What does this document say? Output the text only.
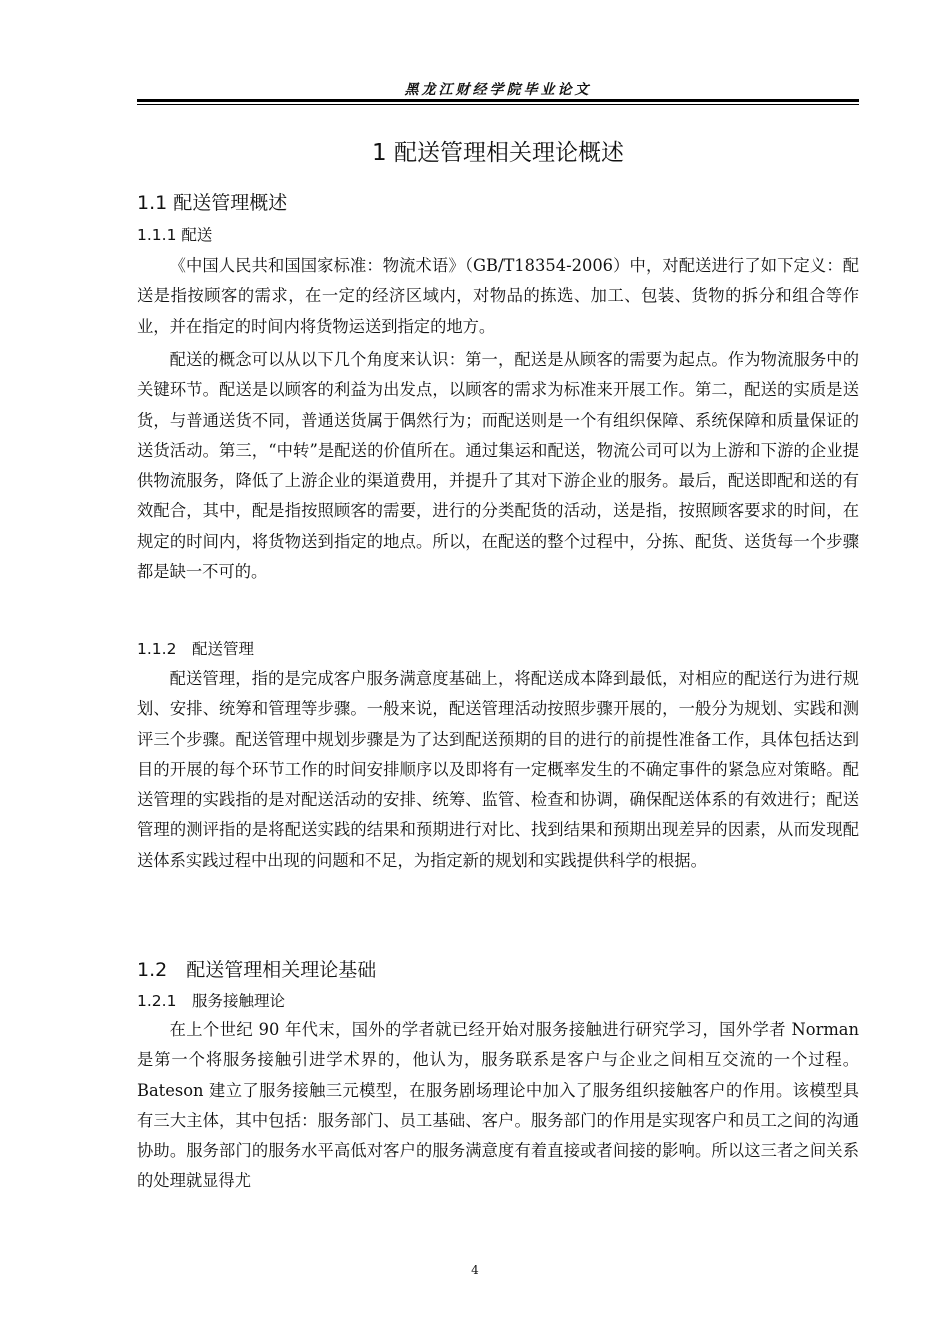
黑龙江财经学院毕业论文
1 配送管理相关理论概述
1.1 配送管理概述
1.1.1 配送

《中国人民共和国国家标准：物流术语》（GB/T18354-2006）中，对配送进行了如下定义：配送是指按顾客的需求，在一定的经济区域内，对物品的拣选、加工、包装、货物的拆分和组合等作业，并在指定的时间内将货物运送到指定的地方。

配送的概念可以从以下几个角度来认识：第一，配送是从顾客的需要为起点。作为物流服务中的关键环节。配送是以顾客的利益为出发点，以顾客的需求为标准来开展工作。第二，配送的实质是送货，与普通送货不同，普通送货属于偶然行为；而配送则是一个有组织保障、系统保障和质量保证的送货活动。第三，“中转”是配送的价值所在。通过集运和配送，物流公司可以为上游和下游的企业提供物流服务，降低了上游企业的渠道费用，并提升了其对下游企业的服务。最后，配送即配和送的有效配合，其中，配是指按照顾客的需要，进行的分类配货的活动，送是指，按照顾客要求的时间，在规定的时间内，将货物送到指定的地点。所以，在配送的整个过程中，分拣、配货、送货每一个步骤都是缺一不可的。

1.1.2　配送管理

配送管理，指的是完成客户服务满意度基础上，将配送成本降到最低，对相应的配送行为进行规划、安排、统筹和管理等步骤。一般来说，配送管理活动按照步骤开展的，一般分为规划、实践和测评三个步骤。配送管理中规划步骤是为了达到配送预期的目的进行的前提性准备工作，具体包括达到目的开展的每个环节工作的时间安排顺序以及即将有一定概率发生的不确定事件的紧急应对策略。配送管理的实践指的是对配送活动的安排、统筹、监管、检查和协调，确保配送体系的有效进行；配送管理的测评指的是将配送实践的结果和预期进行对比、找到结果和预期出现差异的因素，从而发现配送体系实践过程中出现的问题和不足，为指定新的规划和实践提供科学的根据。

1.2　配送管理相关理论基础
1.2.1　服务接触理论

在上个世纪 90 年代末，国外的学者就已经开始对服务接触进行研究学习，国外学者 Norman 是第一个将服务接触引进学术界的，他认为，服务联系是客户与企业之间相互交流的一个过程。 Bateson 建立了服务接触三元模型，在服务剧场理论中加入了服务组织接触客户的作用。该模型具有三大主体，其中包括：服务部门、员工基础、客户。服务部门的作用是实现客户和员工之间的沟通协助。服务部门的服务水平高低对客户的服务满意度有着直接或者间接的影响。所以这三者之间关系的处理就显得尤

4
